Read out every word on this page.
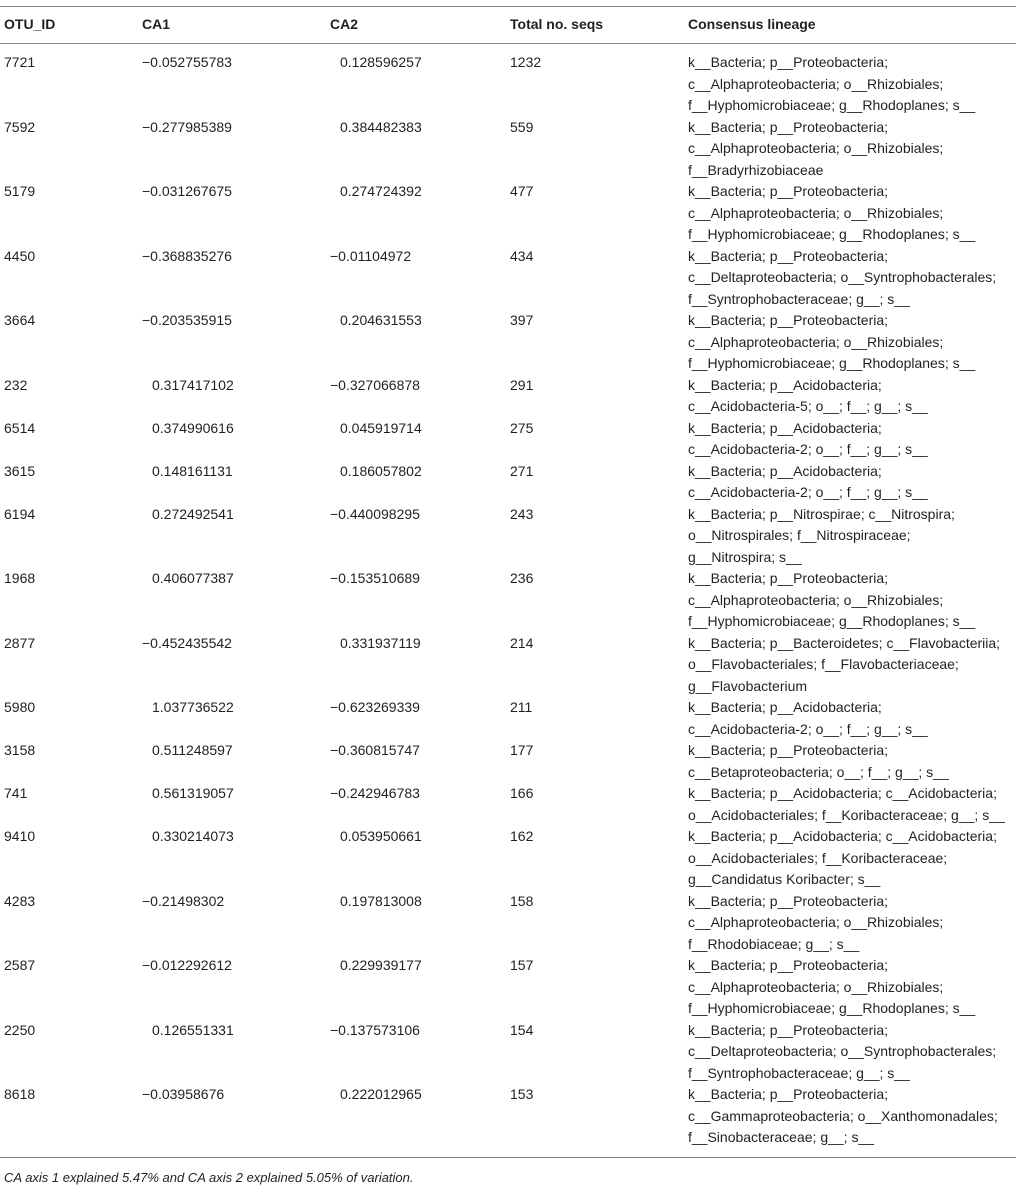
OTU_ID	CA1	CA2	Total no. seqs	Consensus lineage
7721	−0.052755783	0.128596257	1232	k__Bacteria; p__Proteobacteria;
c__Alphaproteobacteria; o__Rhizobiales;
f__Hyphomicrobiaceae; g__Rhodoplanes; s__

7592	−0.277985389	0.384482383	559	k__Bacteria; p__Proteobacteria;
c__Alphaproteobacteria; o__Rhizobiales;
f__Bradyrhizobiaceae

5179	−0.031267675	0.274724392	477	k__Bacteria; p__Proteobacteria;
c__Alphaproteobacteria; o__Rhizobiales;
f__Hyphomicrobiaceae; g__Rhodoplanes; s__

4450	−0.368835276	−0.01104972	434	k__Bacteria; p__Proteobacteria;
c__Deltaproteobacteria; o__Syntrophobacterales;
f__Syntrophobacteraceae; g__; s__

3664	−0.203535915	0.204631553	397	k__Bacteria; p__Proteobacteria;
c__Alphaproteobacteria; o__Rhizobiales;
f__Hyphomicrobiaceae; g__Rhodoplanes; s__

232	0.317417102	−0.327066878	291	k__Bacteria; p__Acidobacteria;
c__Acidobacteria-5; o__; f__; g__; s__

6514	0.374990616	0.045919714	275	k__Bacteria; p__Acidobacteria;
c__Acidobacteria-2; o__; f__; g__; s__

3615	0.148161131	0.186057802	271	k__Bacteria; p__Acidobacteria;
c__Acidobacteria-2; o__; f__; g__; s__

6194	0.272492541	−0.440098295	243	k__Bacteria; p__Nitrospirae; c__Nitrospira;
o__Nitrospirales; f__Nitrospiraceae;
g__Nitrospira; s__

1968	0.406077387	−0.153510689	236	k__Bacteria; p__Proteobacteria;
c__Alphaproteobacteria; o__Rhizobiales;
f__Hyphomicrobiaceae; g__Rhodoplanes; s__

2877	−0.452435542	0.331937119	214	k__Bacteria; p__Bacteroidetes; c__Flavobacteriia;
o__Flavobacteriales; f__Flavobacteriaceae;
g__Flavobacterium

5980	1.037736522	−0.623269339	211	k__Bacteria; p__Acidobacteria;
c__Acidobacteria-2; o__; f__; g__; s__

3158	0.511248597	−0.360815747	177	k__Bacteria; p__Proteobacteria;
c__Betaproteobacteria; o__; f__; g__; s__

741	0.561319057	−0.242946783	166	k__Bacteria; p__Acidobacteria; c__Acidobacteria;
o__Acidobacteriales; f__Koribacteraceae; g__; s__

9410	0.330214073	0.053950661	162	k__Bacteria; p__Acidobacteria; c__Acidobacteria;
o__Acidobacteriales; f__Koribacteraceae;
g__Candidatus Koribacter; s__

4283	−0.21498302	0.197813008	158	k__Bacteria; p__Proteobacteria;
c__Alphaproteobacteria; o__Rhizobiales;
f__Rhodobiaceae; g__; s__

2587	−0.012292612	0.229939177	157	k__Bacteria; p__Proteobacteria;
c__Alphaproteobacteria; o__Rhizobiales;
f__Hyphomicrobiaceae; g__Rhodoplanes; s__

2250	0.126551331	−0.137573106	154	k__Bacteria; p__Proteobacteria;
c__Deltaproteobacteria; o__Syntrophobacterales;
f__Syntrophobacteraceae; g__; s__

8618	−0.03958676	0.222012965	153	k__Bacteria; p__Proteobacteria;
c__Gammaproteobacteria; o__Xanthomonadales;
f__Sinobacteraceae; g__; s__
CA axis 1 explained 5.47% and CA axis 2 explained 5.05% of variation.
